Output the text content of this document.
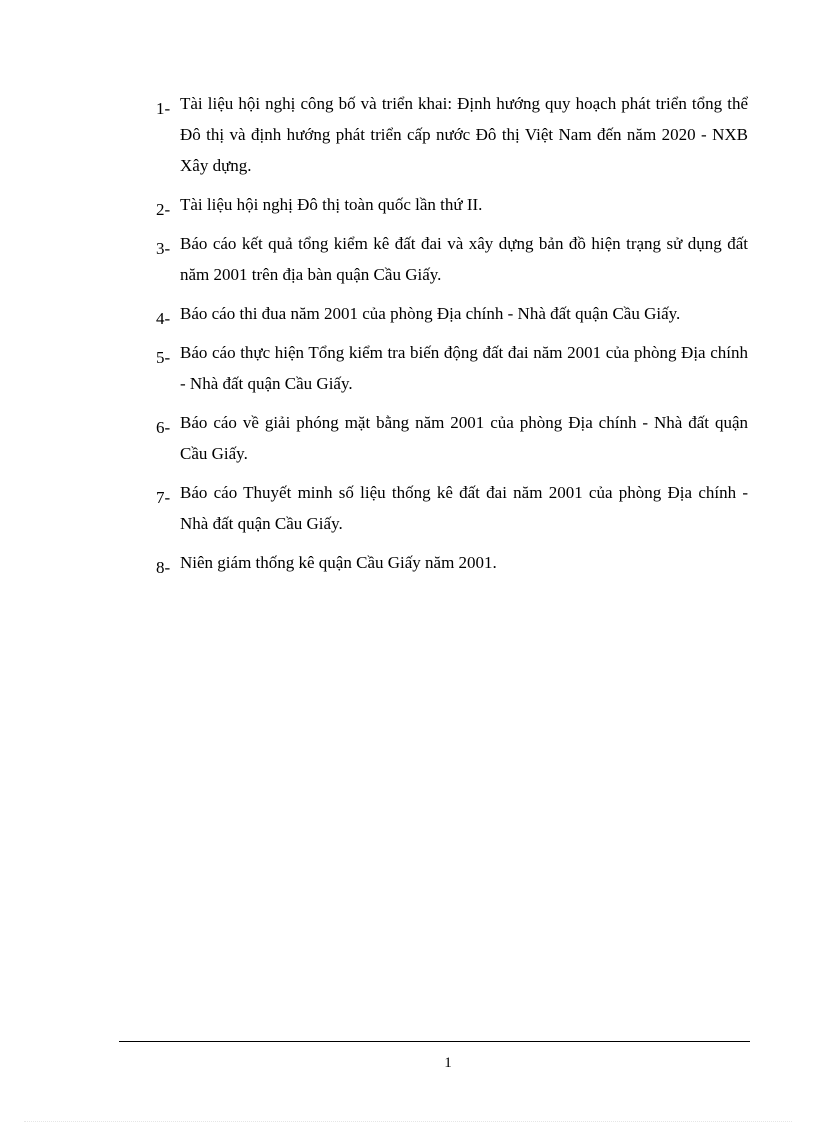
1- Tài liệu hội nghị công bố và triển khai: Định hướng quy hoạch phát triển tổng thể Đô thị và định hướng phát triển cấp nước Đô thị Việt Nam đến năm 2020 - NXB Xây dựng.
2- Tài liệu hội nghị Đô thị toàn quốc lần thứ II.
3- Báo cáo kết quả tổng kiểm kê đất đai và xây dựng bản đồ hiện trạng sử dụng đất năm 2001 trên địa bàn quận Cầu Giấy.
4- Báo cáo thi đua năm 2001 của phòng Địa chính - Nhà đất quận Cầu Giấy.
5- Báo cáo thực hiện Tổng kiểm tra biến động đất đai năm 2001 của phòng Địa chính - Nhà đất quận Cầu Giấy.
6- Báo cáo về giải phóng mặt bằng năm 2001 của phòng Địa chính - Nhà đất quận Cầu Giấy.
7- Báo cáo Thuyết minh số liệu thống kê đất đai năm 2001 của phòng Địa chính - Nhà đất quận Cầu Giấy.
8- Niên giám thống kê quận Cầu Giấy năm 2001.
1
